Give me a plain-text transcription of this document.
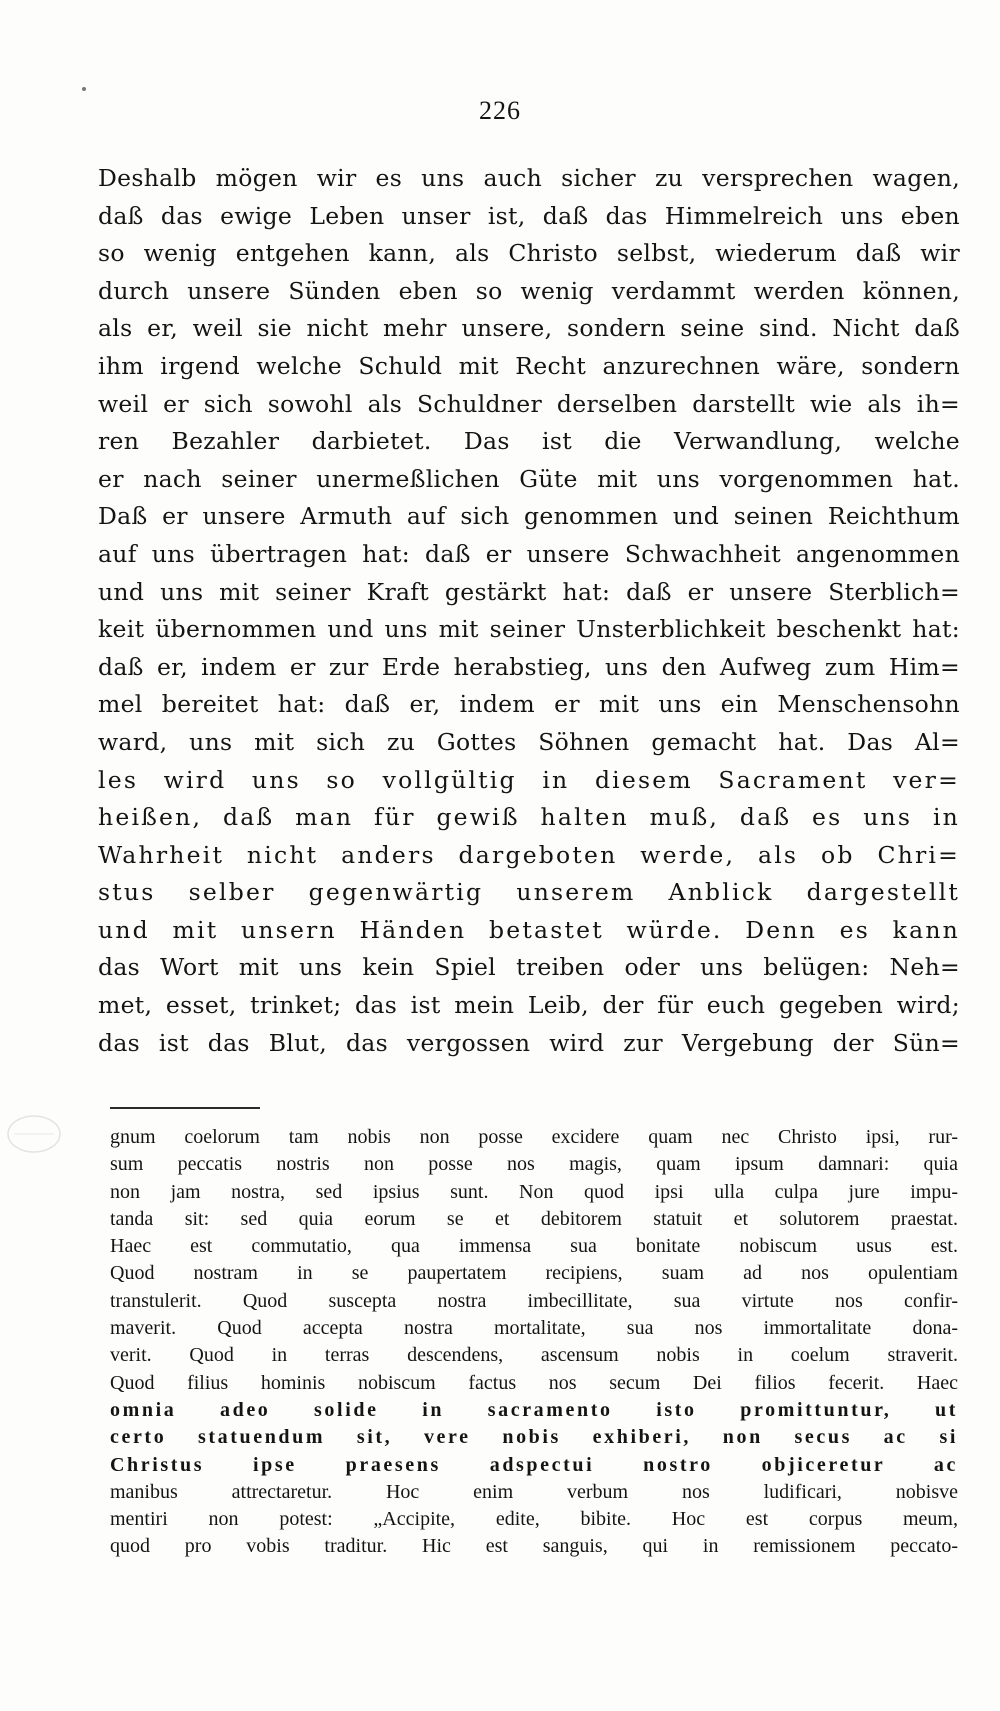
226
Deshalb mögen wir es uns auch sicher zu versprechen wagen,
daß das ewige Leben unser ist, daß das Himmelreich uns eben
so wenig entgehen kann, als Christo selbst, wiederum daß wir
durch unsere Sünden eben so wenig verdammt werden können,
als er, weil sie nicht mehr unsere, sondern seine sind. Nicht daß
ihm irgend welche Schuld mit Recht anzurechnen wäre, sondern
weil er sich sowohl als Schuldner derselben darstellt wie als ih=
ren Bezahler darbietet. Das ist die Verwandlung, welche
er nach seiner unermeßlichen Güte mit uns vorgenommen hat.
Daß er unsere Armuth auf sich genommen und seinen Reichthum
auf uns übertragen hat: daß er unsere Schwachheit angenommen
und uns mit seiner Kraft gestärkt hat: daß er unsere Sterblich=
keit übernommen und uns mit seiner Unsterblichkeit beschenkt hat:
daß er, indem er zur Erde herabstieg, uns den Aufweg zum Him=
mel bereitet hat: daß er, indem er mit uns ein Menschensohn
ward, uns mit sich zu Gottes Söhnen gemacht hat. Das Al=
les wird uns so vollgültig in diesem Sacrament ver=
heißen, daß man für gewiß halten muß, daß es uns in
Wahrheit nicht anders dargeboten werde, als ob Chri=
stus selber gegenwärtig unserem Anblick dargestellt
und mit unsern Händen betastet würde. Denn es kann
das Wort mit uns kein Spiel treiben oder uns belügen: Neh=
met, esset, trinket; das ist mein Leib, der für euch gegeben wird;
das ist das Blut, das vergossen wird zur Vergebung der Sün=
gnum coelorum tam nobis non posse excidere quam nec Christo ipsi, rur-
sum peccatis nostris non posse nos magis, quam ipsum damnari: quia
non jam nostra, sed ipsius sunt. Non quod ipsi ulla culpa jure impu-
tanda sit: sed quia eorum se et debitorem statuit et solutorem praestat.
Haec est commutatio, qua immensa sua bonitate nobiscum usus est.
Quod nostram in se paupertatem recipiens, suam ad nos opulentiam
transtulerit. Quod suscepta nostra imbecillitate, sua virtute nos confir-
maverit. Quod accepta nostra mortalitate, sua nos immortalitate dona-
verit. Quod in terras descendens, ascensum nobis in coelum straverit.
Quod filius hominis nobiscum factus nos secum Dei filios fecerit. Haec
omnia adeo solide in sacramento isto promittuntur, ut
certo statuendum sit, vere nobis exhiberi, non secus ac si
Christus ipse praesens adspectui nostro objiceretur ac
manibus attrectaretur. Hoc enim verbum nos ludificari, nobisve
mentiri non potest: „Accipite, edite, bibite. Hoc est corpus meum,
quod pro vobis traditur. Hic est sanguis, qui in remissionem peccato-
